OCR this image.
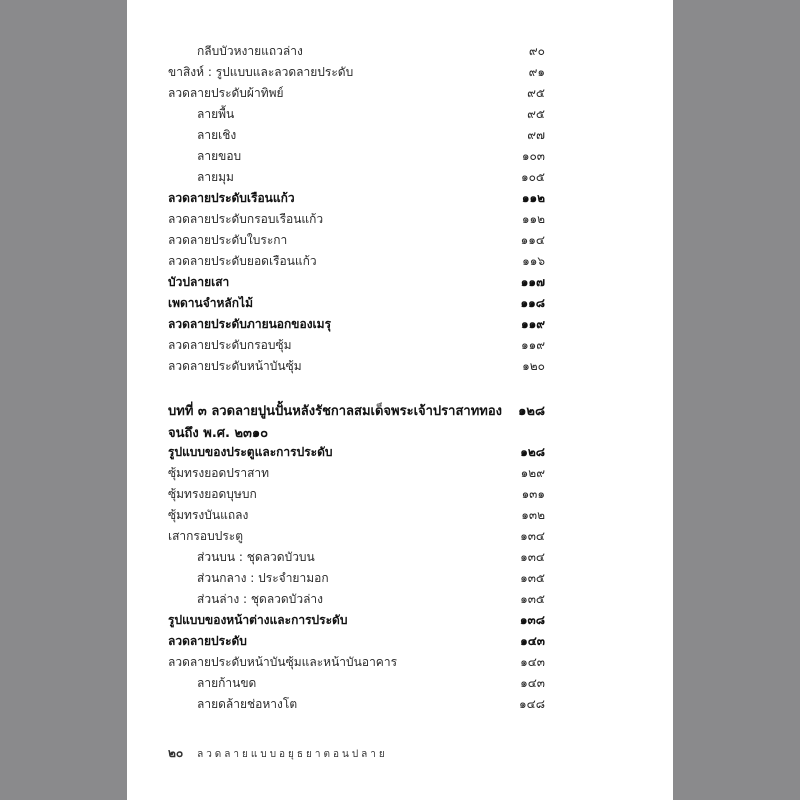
กลีบบัวหงายแถวล่าง	๙๐
ขาสิงห์ : รูปแบบและลวดลายประดับ	๙๑
ลวดลายประดับผ้าทิพย์	๙๕
ลายพื้น	๙๕
ลายเชิง	๙๗
ลายขอบ	๑๐๓
ลายมุม	๑๐๕
ลวดลายประดับเรือนแก้ว	๑๑๒
ลวดลายประดับกรอบเรือนแก้ว	๑๑๒
ลวดลายประดับใบระกา	๑๑๔
ลวดลายประดับยอดเรือนแก้ว	๑๑๖
บัวปลายเสา	๑๑๗
เพดานจำหลักไม้	๑๑๘
ลวดลายประดับภายนอกของเมรุ	๑๑๙
ลวดลายประดับกรอบซุ้ม	๑๑๙
ลวดลายประดับหน้าบันซุ้ม	๑๒๐
บทที่ ๓ ลวดลายปูนปั้นหลังรัชกาลสมเด็จพระเจ้าปราสาททอง ๑๒๘
จนถึง พ.ศ. ๒๓๑๐
รูปแบบของประตูและการประดับ	๑๒๘
ซุ้มทรงยอดปราสาท	๑๒๙
ซุ้มทรงยอดบุษบก	๑๓๑
ซุ้มทรงบันแถลง	๑๓๒
เสากรอบประตู	๑๓๔
ส่วนบน : ชุดลวดบัวบน	๑๓๔
ส่วนกลาง : ประจำยามอก	๑๓๕
ส่วนล่าง : ชุดลวดบัวล่าง	๑๓๕
รูปแบบของหน้าต่างและการประดับ	๑๓๘
ลวดลายประดับ	๑๔๓
ลวดลายประดับหน้าบันซุ้มและหน้าบันอาคาร	๑๔๓
ลายก้านขด	๑๔๓
ลายดล้ายช่อหางโต	๑๔๘
๒๐ ลวดลายแบบอยุธยาตอนปลาย
